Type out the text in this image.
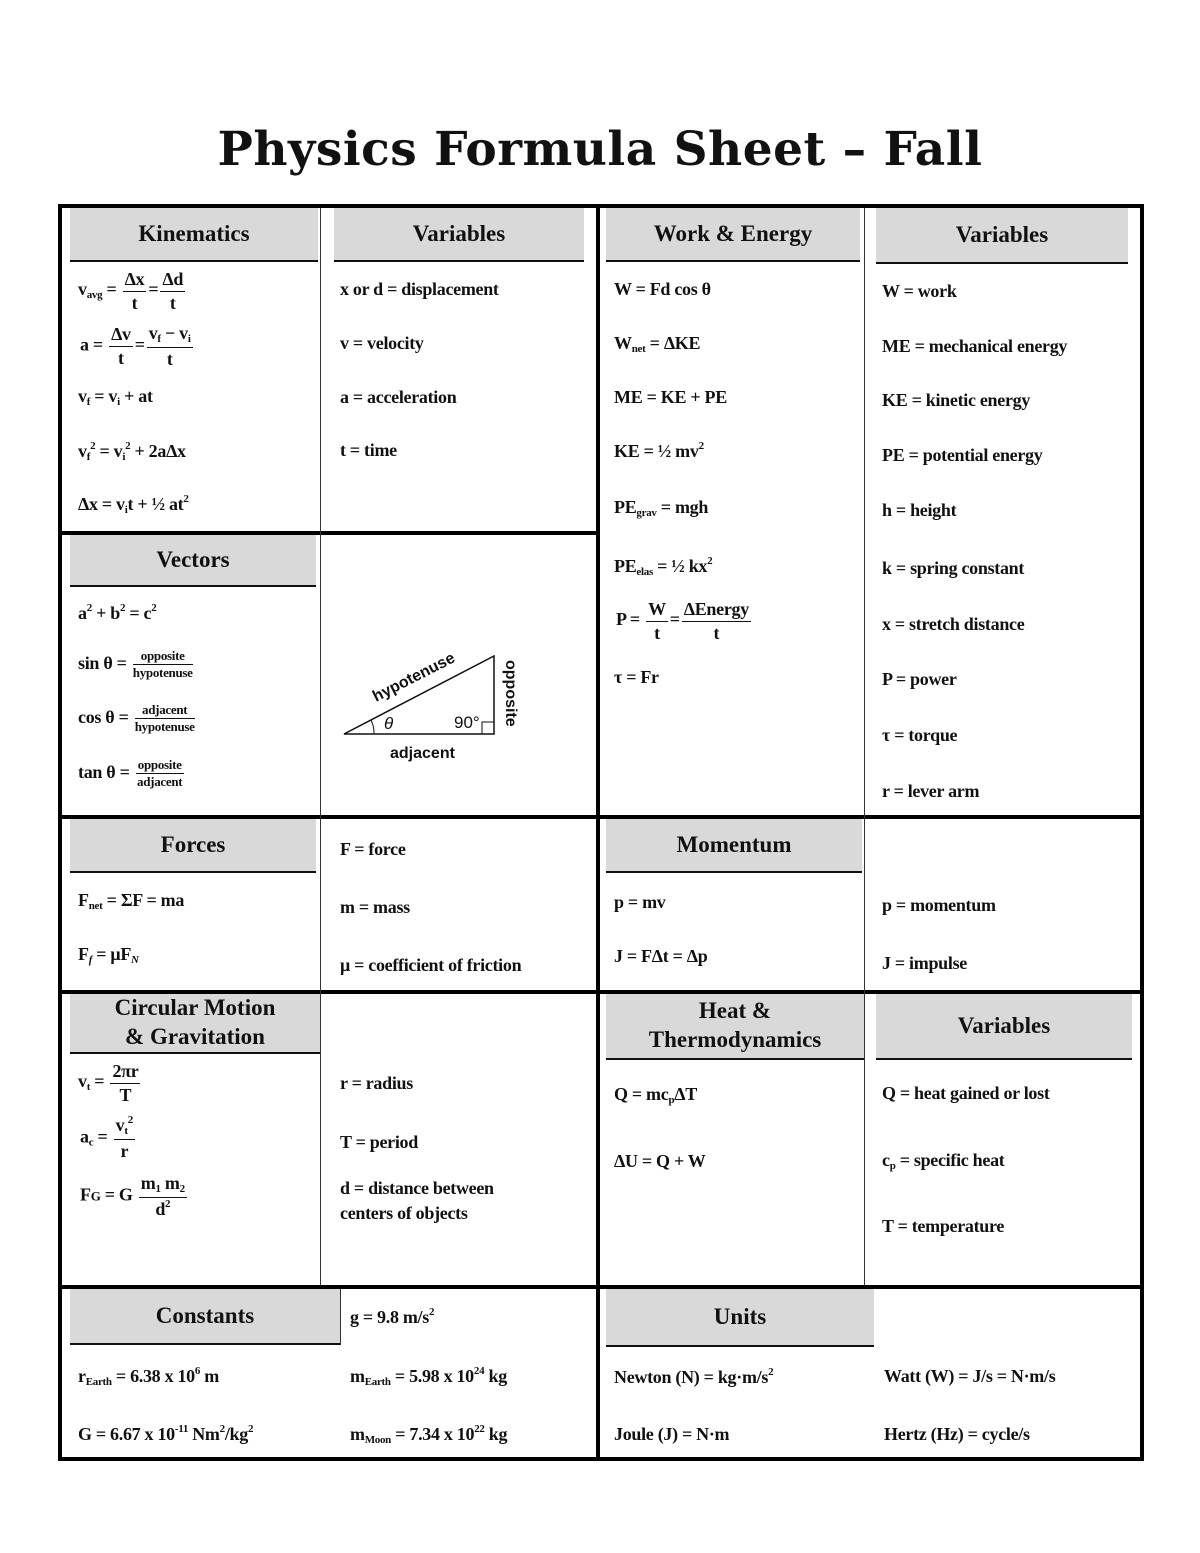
Physics Formula Sheet – Fall
Kinematics	Variables	Work & Energy	Variables
Vectors
Forces	Momentum
Circular Motion
& Gravitation
Heat &
Thermodynamics
Variables
Constants	Units
$v_{avg} = \frac{\Delta x}{t} = \frac{\Delta d}{t}$
$a = \frac{\Delta v}{t} = \frac{v_f - v_i}{t}$
$v_f = v_i$ + at
$v_f^2 = v_i^2 + 2a\Delta x$
$\Delta x = v_it$ + ½ $at^2$
x or d = displacement
v = velocity
a = acceleration
t = time
W = Fd cos θ
$W_{net} = \Delta KE$
ME = KE + PE
KE = ½ $mv^2$
$PE_{grav}$ = mgh
$PE_{elas}$ = ½ $kx^2$
$P = \frac{W}{t} = \frac{\text{ΔEnergy}}{t}$
τ = Fr
W = work
ME = mechanical energy
KE = kinetic energy
PE = potential energy
h = height
k = spring constant
x = stretch distance
P = power
τ = torque
r = lever arm
$a^2 + b^2 = c^2$
$\sin \theta = \frac{\text{opposite}}{\text{hypotenuse}}$
$\cos \theta = \frac{\text{adjacent}}{\text{hypotenuse}}$
$\tan \theta = \frac{\text{opposite}}{\text{adjacent}}$
θ	90°
hypotenuse	opposite
adjacent
$F_{net} = \Sigma F$ = ma
$F_f = \mu F_N$
F = force
m = mass
μ = coefficient of friction
p = mv
J = FΔt = Δp
p = momentum
J = impulse
$v_t = \frac{2\pi r}{T}$
$a_c = \frac{v_t^2}{r}$
FG = G $\frac{m_1 m_2}{d^2}$
r = radius
T = period
d = distance between
centers of objects
$Q = mc_p\Delta T$
ΔU = Q + W
Q = heat gained or lost
$c_p$ = specific heat
T = temperature
g = 9.8 $m/s^2$
$r_{Earth} = 6.38$ x $10^6$ m	$m_{Earth} = 5.98$ x $10^{24}$ kg
G = 6.67 x $10^{-11}$ $Nm^2/kg^2$	$m_{Moon} = 7.34$ x $10^{22}$ kg
Newton $(N) = kg\cdot m/s^2$	Watt (W) = J/s = N·m/s
Joule (J) = N·m	Hertz (Hz) = cycle/s
